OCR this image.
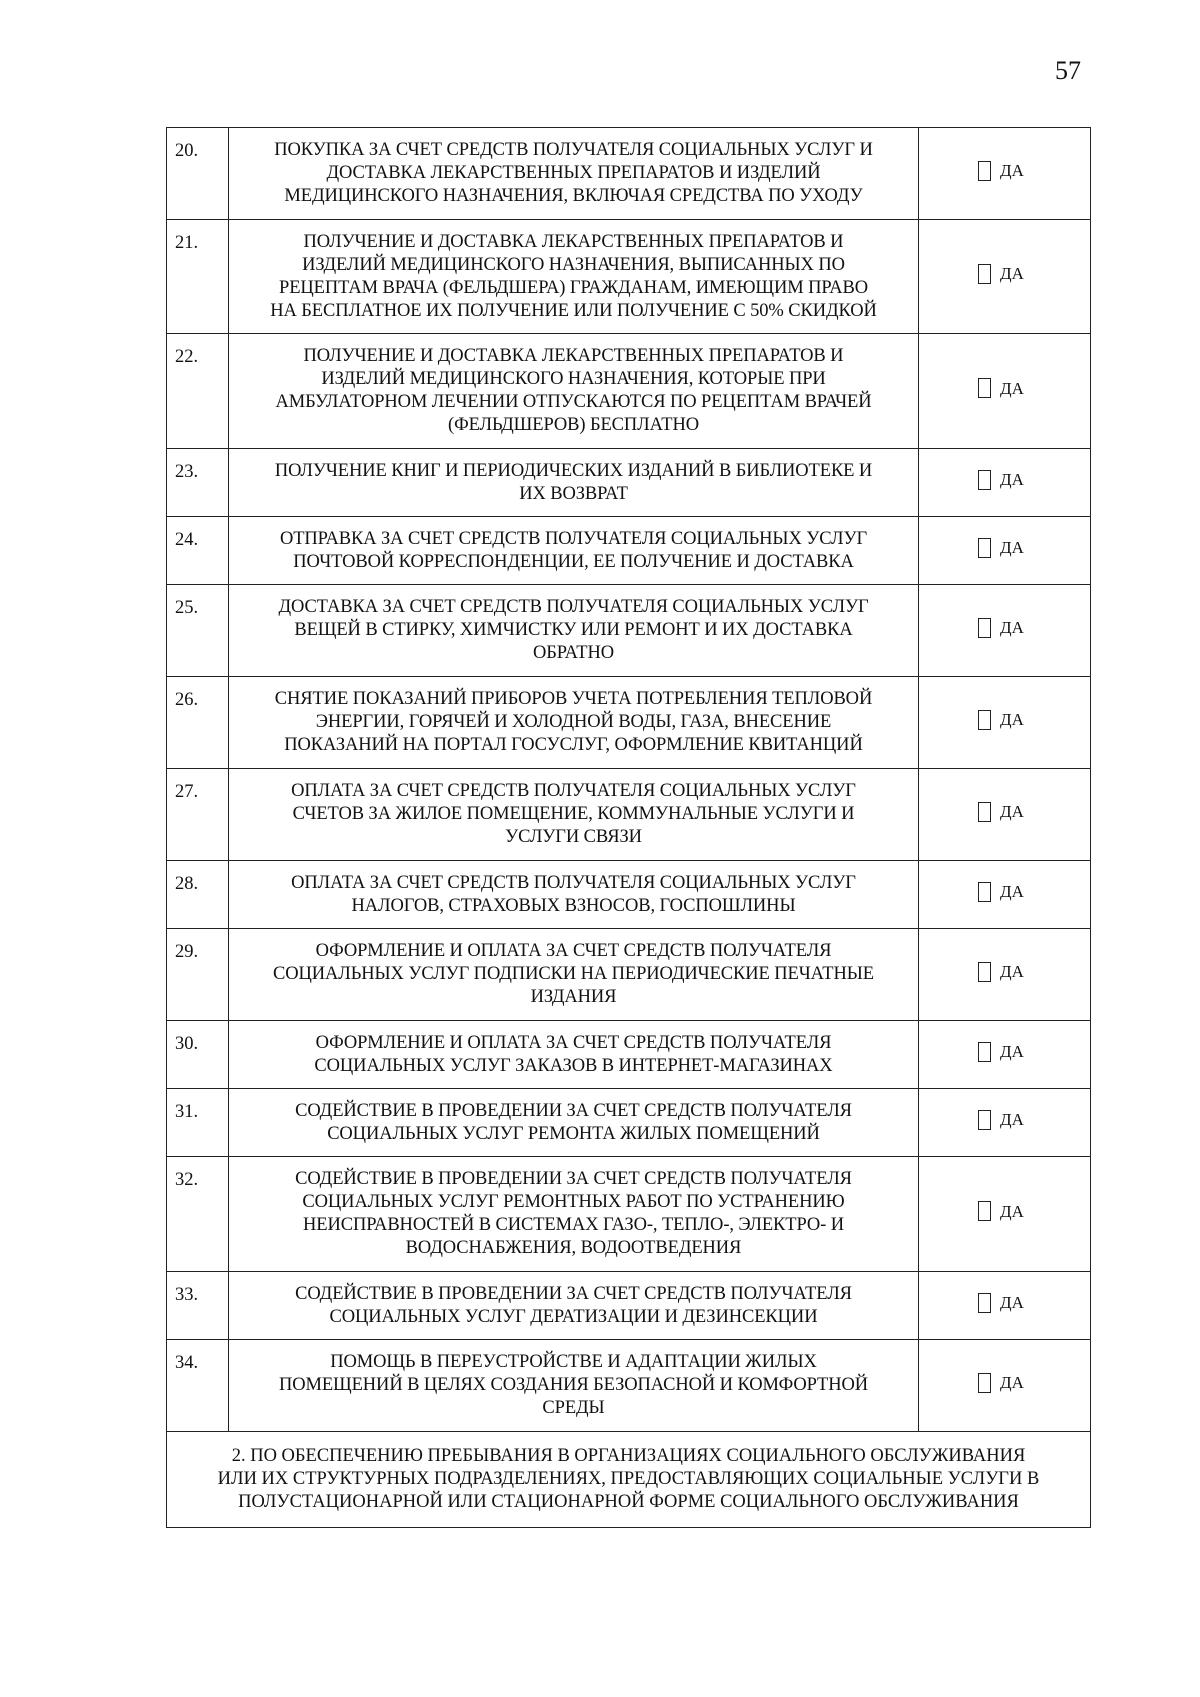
57
20.	ПОКУПКА ЗА СЧЕТ СРЕДСТВ ПОЛУЧАТЕЛЯ СОЦИАЛЬНЫХ УСЛУГ И
ДОСТАВКА ЛЕКАРСТВЕННЫХ ПРЕПАРАТОВ И ИЗДЕЛИЙ
МЕДИЦИНСКОГО НАЗНАЧЕНИЯ, ВКЛЮЧАЯ СРЕДСТВА ПО УХОДУ	ДА

21.	ПОЛУЧЕНИЕ И ДОСТАВКА ЛЕКАРСТВЕННЫХ ПРЕПАРАТОВ И
ИЗДЕЛИЙ МЕДИЦИНСКОГО НАЗНАЧЕНИЯ, ВЫПИСАННЫХ ПО
РЕЦЕПТАМ ВРАЧА (ФЕЛЬДШЕРА) ГРАЖДАНАМ, ИМЕЮЩИМ ПРАВО
НА БЕСПЛАТНОЕ ИХ ПОЛУЧЕНИЕ ИЛИ ПОЛУЧЕНИЕ С 50% СКИДКОЙ	ДА

22.	ПОЛУЧЕНИЕ И ДОСТАВКА ЛЕКАРСТВЕННЫХ ПРЕПАРАТОВ И
ИЗДЕЛИЙ МЕДИЦИНСКОГО НАЗНАЧЕНИЯ, КОТОРЫЕ ПРИ
АМБУЛАТОРНОМ ЛЕЧЕНИИ ОТПУСКАЮТСЯ ПО РЕЦЕПТАМ ВРАЧЕЙ
(ФЕЛЬДШЕРОВ) БЕСПЛАТНО	ДА

23.	ПОЛУЧЕНИЕ КНИГ И ПЕРИОДИЧЕСКИХ ИЗДАНИЙ В БИБЛИОТЕКЕ И
ИХ ВОЗВРАТ	ДА

24.	ОТПРАВКА ЗА СЧЕТ СРЕДСТВ ПОЛУЧАТЕЛЯ СОЦИАЛЬНЫХ УСЛУГ
ПОЧТОВОЙ КОРРЕСПОНДЕНЦИИ, ЕЕ ПОЛУЧЕНИЕ И ДОСТАВКА	ДА

25.	ДОСТАВКА ЗА СЧЕТ СРЕДСТВ ПОЛУЧАТЕЛЯ СОЦИАЛЬНЫХ УСЛУГ
ВЕЩЕЙ В СТИРКУ, ХИМЧИСТКУ ИЛИ РЕМОНТ И ИХ ДОСТАВКА
ОБРАТНО	ДА

26.	СНЯТИЕ ПОКАЗАНИЙ ПРИБОРОВ УЧЕТА ПОТРЕБЛЕНИЯ ТЕПЛОВОЙ
ЭНЕРГИИ, ГОРЯЧЕЙ И ХОЛОДНОЙ ВОДЫ, ГАЗА, ВНЕСЕНИЕ
ПОКАЗАНИЙ НА ПОРТАЛ ГОСУСЛУГ, ОФОРМЛЕНИЕ КВИТАНЦИЙ	ДА

27.	ОПЛАТА ЗА СЧЕТ СРЕДСТВ ПОЛУЧАТЕЛЯ СОЦИАЛЬНЫХ УСЛУГ
СЧЕТОВ ЗА ЖИЛОЕ ПОМЕЩЕНИЕ, КОММУНАЛЬНЫЕ УСЛУГИ И
УСЛУГИ СВЯЗИ	ДА

28.	ОПЛАТА ЗА СЧЕТ СРЕДСТВ ПОЛУЧАТЕЛЯ СОЦИАЛЬНЫХ УСЛУГ
НАЛОГОВ, СТРАХОВЫХ ВЗНОСОВ, ГОСПОШЛИНЫ	ДА

29.	ОФОРМЛЕНИЕ И ОПЛАТА ЗА СЧЕТ СРЕДСТВ ПОЛУЧАТЕЛЯ
СОЦИАЛЬНЫХ УСЛУГ ПОДПИСКИ НА ПЕРИОДИЧЕСКИЕ ПЕЧАТНЫЕ
ИЗДАНИЯ	ДА

30.	ОФОРМЛЕНИЕ И ОПЛАТА ЗА СЧЕТ СРЕДСТВ ПОЛУЧАТЕЛЯ
СОЦИАЛЬНЫХ УСЛУГ ЗАКАЗОВ В ИНТЕРНЕТ-МАГАЗИНАХ	ДА

31.	СОДЕЙСТВИЕ В ПРОВЕДЕНИИ ЗА СЧЕТ СРЕДСТВ ПОЛУЧАТЕЛЯ
СОЦИАЛЬНЫХ УСЛУГ РЕМОНТА ЖИЛЫХ ПОМЕЩЕНИЙ	ДА

32.	СОДЕЙСТВИЕ В ПРОВЕДЕНИИ ЗА СЧЕТ СРЕДСТВ ПОЛУЧАТЕЛЯ
СОЦИАЛЬНЫХ УСЛУГ РЕМОНТНЫХ РАБОТ ПО УСТРАНЕНИЮ
НЕИСПРАВНОСТЕЙ В СИСТЕМАХ ГАЗО-, ТЕПЛО-, ЭЛЕКТРО- И
ВОДОСНАБЖЕНИЯ, ВОДООТВЕДЕНИЯ	ДА

33.	СОДЕЙСТВИЕ В ПРОВЕДЕНИИ ЗА СЧЕТ СРЕДСТВ ПОЛУЧАТЕЛЯ
СОЦИАЛЬНЫХ УСЛУГ ДЕРАТИЗАЦИИ И ДЕЗИНСЕКЦИИ	ДА

34.	ПОМОЩЬ В ПЕРЕУСТРОЙСТВЕ И АДАПТАЦИИ ЖИЛЫХ
ПОМЕЩЕНИЙ В ЦЕЛЯХ СОЗДАНИЯ БЕЗОПАСНОЙ И КОМФОРТНОЙ
СРЕДЫ	ДА

2. ПО ОБЕСПЕЧЕНИЮ ПРЕБЫВАНИЯ В ОРГАНИЗАЦИЯХ СОЦИАЛЬНОГО ОБСЛУЖИВАНИЯ
ИЛИ ИХ СТРУКТУРНЫХ ПОДРАЗДЕЛЕНИЯХ, ПРЕДОСТАВЛЯЮЩИХ СОЦИАЛЬНЫЕ УСЛУГИ В
ПОЛУСТАЦИОНАРНОЙ ИЛИ СТАЦИОНАРНОЙ ФОРМЕ СОЦИАЛЬНОГО ОБСЛУЖИВАНИЯ		
